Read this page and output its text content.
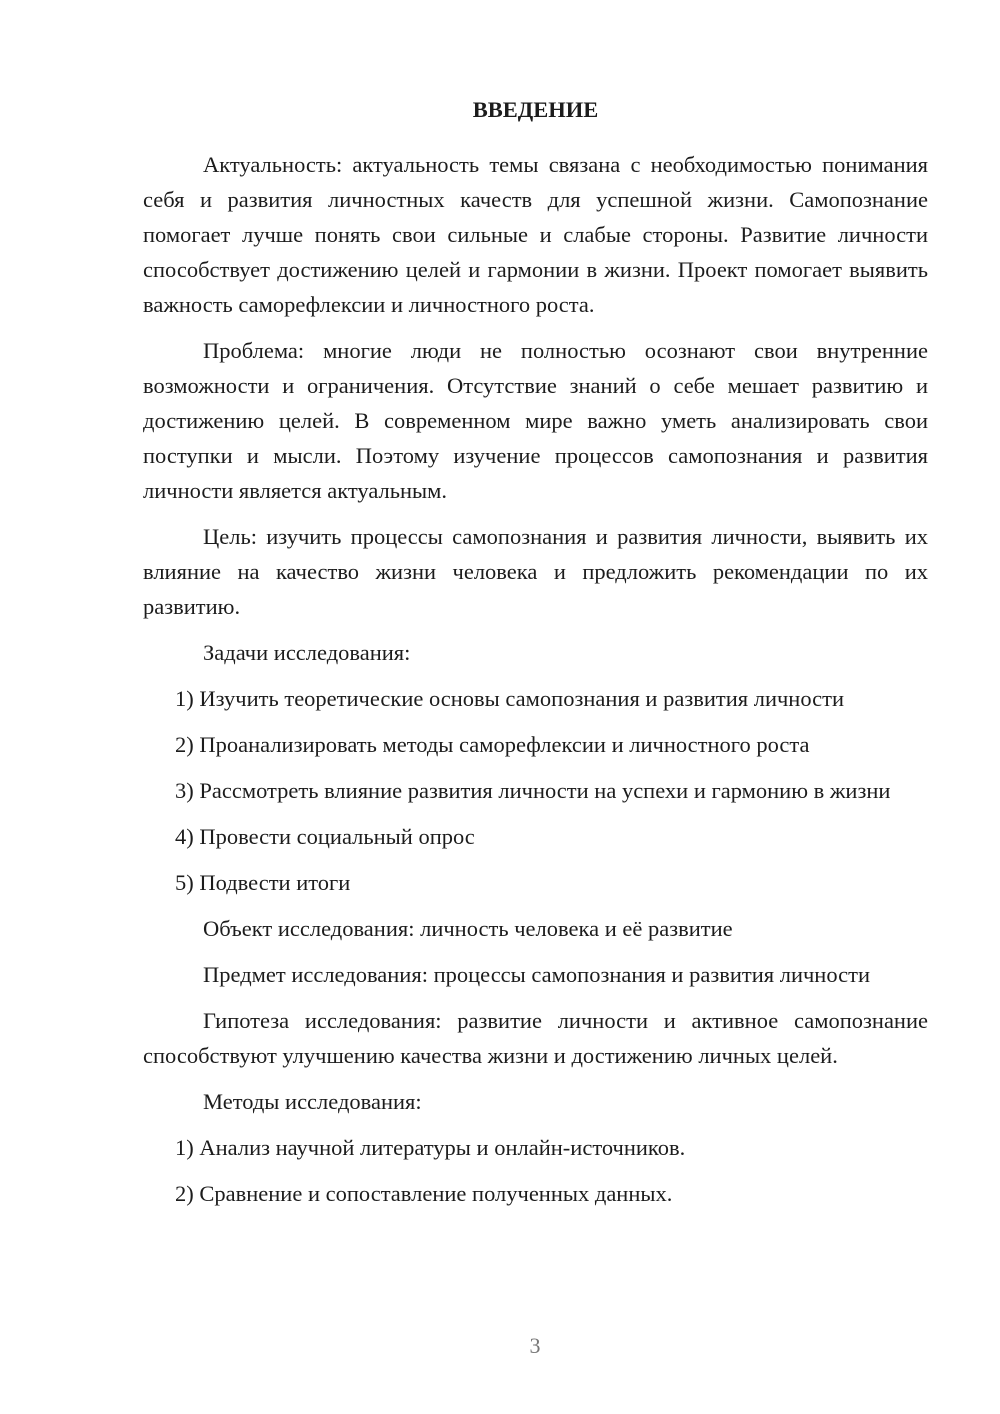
ВВЕДЕНИЕ

Актуальность: актуальность темы связана с необходимостью понимания себя и развития личностных качеств для успешной жизни. Самопознание помогает лучше понять свои сильные и слабые стороны. Развитие личности способствует достижению целей и гармонии в жизни. Проект помогает выявить важность саморефлексии и личностного роста.

Проблема: многие люди не полностью осознают свои внутренние возможности и ограничения. Отсутствие знаний о себе мешает развитию и достижению целей. В современном мире важно уметь анализировать свои поступки и мысли. Поэтому изучение процессов самопознания и развития личности является актуальным.

Цель: изучить процессы самопознания и развития личности, выявить их влияние на качество жизни человека и предложить рекомендации по их развитию.

Задачи исследования:

1) Изучить теоретические основы самопознания и развития личности

2) Проанализировать методы саморефлексии и личностного роста

3) Рассмотреть влияние развития личности на успехи и гармонию в жизни

4) Провести социальный опрос

5) Подвести итоги

Объект исследования: личность человека и её развитие

Предмет исследования: процессы самопознания и развития личности

Гипотеза исследования: развитие личности и активное самопознание способствуют улучшению качества жизни и достижению личных целей.

Методы исследования:

1) Анализ научной литературы и онлайн-источников.

2) Сравнение и сопоставление полученных данных.

3
